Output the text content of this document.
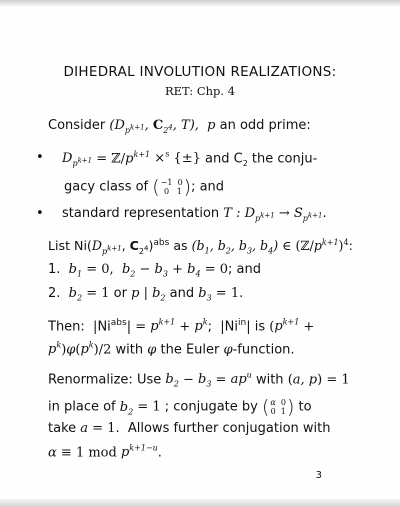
DIHEDRAL INVOLUTION REALIZATIONS:
RET: Chp. 4
Consider ($D_{p^{k+1}}$, $C_{2^4}$, T), p an odd prime:
• $D_{p^{k+1}}$ = $ℤ/p^{k+1} \times^s$ {±} and $C_2$ the conju-
gacy class of (−1  0
0   1); and
• standard representation T : $D_{p^{k+1}} \to S_{p^{k+1}}$.
List $Ni(D_{p^{k+1}}$, $C_{2^4})^{abs}$ as ($b_1$, $b_2$, $b_3$, $b_4$) ∈ $(ℤ/p^{k+1})^4$:
1.  $b_1 = 0$, $b_2 - b_3 + b_4 = 0$; and
2.  $b_2 = 1$ or p | $b_2$ and $b_3 = 1$.
Then:  $|Ni^{abs}| = p^{k+1} + p^k$;  $|Ni^{in}|$ is ($p^{k+1}$ +
$p^k)\varphi(p^k)/2$ with φ the Euler φ-function.
Renormalize: Use $b_2 - b_3 = ap^u$ with (a, p) = 1
in place of $b_2 = 1$ ; conjugate by (α  0
0  1) to
take a = 1.  Allows further conjugation with
α ≡ 1 mod $p^{k+1-u}$.
3
